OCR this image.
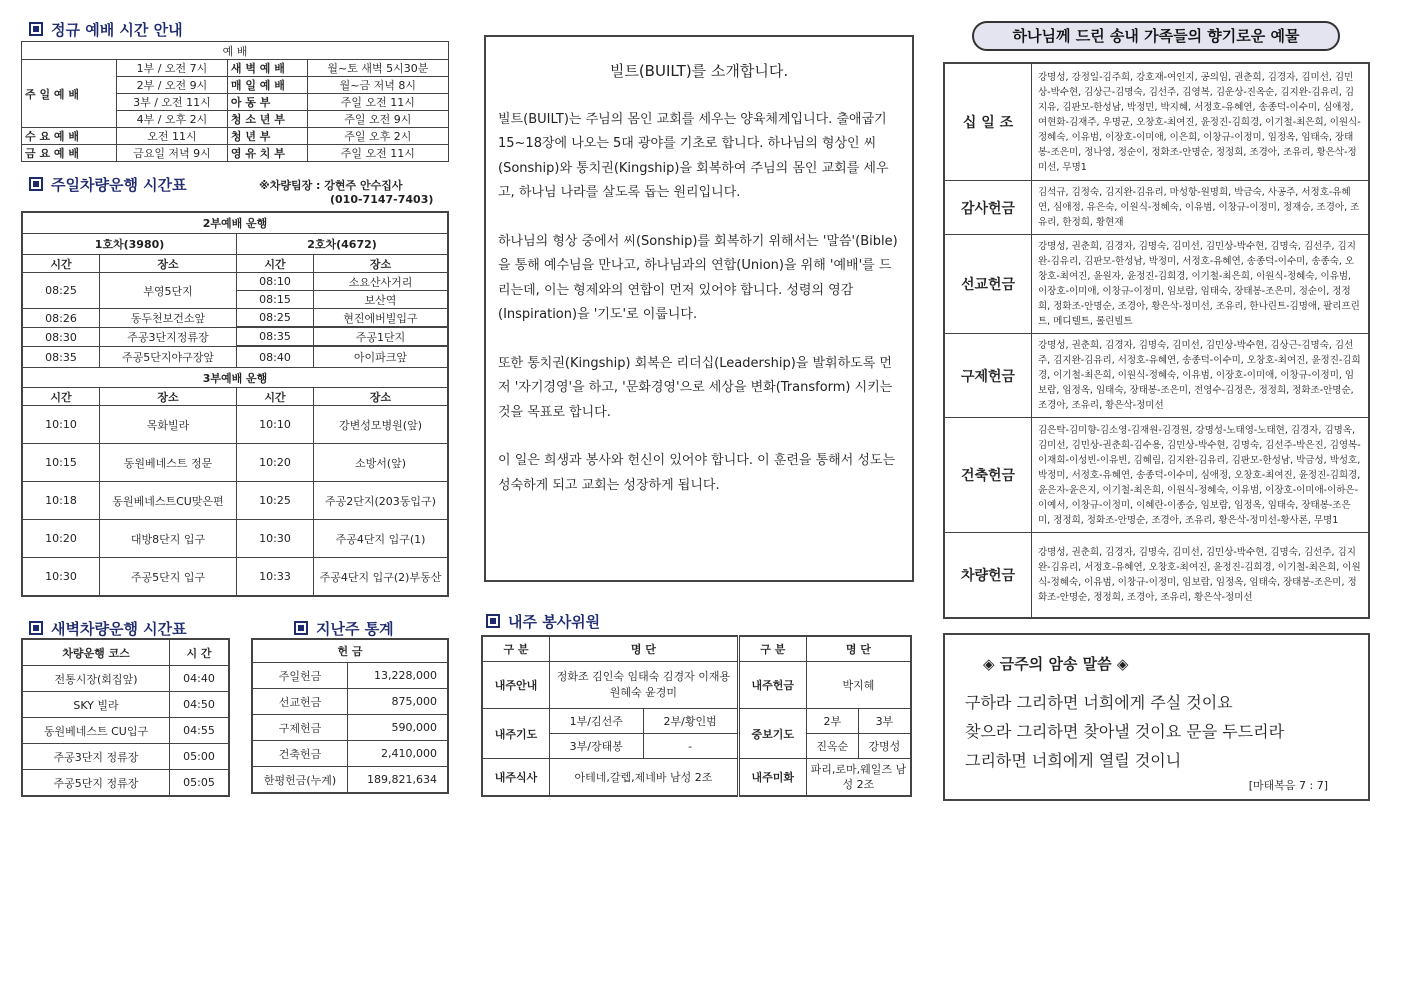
정규 예배 시간 안내
예 배			
주 일 예 배	1부 / 오전 7시	새 벽 예 배	월~토 새벽 5시30분
	2부 / 오전 9시	매 일 예 배	월~금 저녁 8시
	3부 / 오전 11시	아 동 부	주일 오전 11시
	4부 / 오후 2시	청 소 년 부	주일 오전 9시
수 요 예 배	오전 11시	청 년 부	주일 오후 2시
금 요 예 배	금요일 저녁 9시	영 유 치 부	주일 오전 11시
주일차량운행 시간표	※차량팀장 : 강현주 안수집사
(010-7147-7403)
2부예배 운행			
1호차(3980)		2호차(4672)	
시간	장소	시간	장소
08:25	부영5단지	08:10	소요산사거리
		08:15	보산역
08:26	동두천보건소앞	08:25	현진에버빌입구

08:30	주공3단지정류장	08:35	주공1단지

08:35	주공5단지야구장앞	08:40	아이파크앞
3부예배 운행			
시간	장소	시간	장소
10:10	목화빌라	10:10	강변성모병원(앞)
10:15	동원베네스트 정문	10:20	소방서(앞)
10:18	동원베네스트CU맞은편	10:25	주공2단지(203동입구)
10:20	대방8단지 입구	10:30	주공4단지 입구(1)
10:30	주공5단지 입구	10:33	주공4단지 입구(2)부동산
새벽차량운행 시간표
차량운행 코스	시 간
전통시장(회집앞)	04:40
SKY 빌라	04:50
동원베네스트 CU입구	04:55
주공3단지 정류장	05:00
주공5단지 정류장	05:05
지난주 통계
헌 금	
주일헌금	13,228,000
선교헌금	875,000
구제헌금	590,000
건축헌금	2,410,000
한평헌금(누계)	189,821,634
빌트(BUILT)를 소개합니다.

빌트(BUILT)는 주님의 몸인 교회를 세우는 양육체계입니다. 출애굽기 15~18장에 나오는 5대 광야를 기초로 합니다. 하나님의 형상인 씨(Sonship)와 통치권(Kingship)을 회복하여 주님의 몸인 교회를 세우고, 하나님 나라를 살도록 돕는 원리입니다.

하나님의 형상 중에서 씨(Sonship)를 회복하기 위해서는 '말씀'(Bible)을 통해 예수님을 만나고, 하나님과의 연합(Union)을 위해 '예배'를 드리는데, 이는 형제와의 연합이 먼저 있어야 합니다. 성령의 영감(Inspiration)을 '기도'로 이룹니다.

또한 통치권(Kingship) 회복은 리더십(Leadership)을 발휘하도록 먼저 '자기경영'을 하고, '문화경영'으로 세상을 변화(Transform) 시키는 것을 목표로 합니다.

이 일은 희생과 봉사와 헌신이 있어야 합니다. 이 훈련을 통해서 성도는 성숙하게 되고 교회는 성장하게 됩니다.

내주 봉사위원
구 분	명 단		구 분	명 단	
내주안내	정화조 김인숙 임태숙 김경자 이재용 원혜숙 윤경미		내주헌금	박지혜	
내주기도	1부/김선주	2부/황인범	중보기도	2부	3부
	3부/장태봉	-		진옥순	강명성
내주식사	아테네,갈렙,제네바 남성 2조		내주미화	파리,로마,웨일즈 남성 2조	
하나님께 드린 송내 가족들의 향기로운 예물
십 일 조	강명성, 강정일-김주희, 강호재-여인지, 공의임, 권춘희, 김경자, 김미선, 김민상-박수현, 김상근-김명숙, 김선주, 김영복, 김운상-진옥순, 김지완-김유리, 김지유, 김판모-한성남, 박정민, 박지혜, 서정호-유혜연, 송종덕-이수미, 심애정, 여현화-김재주, 우명균, 오창호-최여진, 윤정진-김희경, 이기철-최은희, 이원식-정혜숙, 이유범, 이장호-이미애, 이은희, 이창규-이정미, 임정옥, 임태숙, 장태봉-조은미, 정나영, 정순이, 정화조-안명순, 정정희, 조경아, 조유리, 황은삭-정미선, 무명1
감사헌금	김석규, 김정숙, 김지완-김유리, 마성항-원명희, 박금숙, 사공주, 서정호-유혜연, 심애정, 유은숙, 이원식-정혜숙, 이유범, 이창규-이정미, 정재승, 조경아, 조유리, 한정희, 황현재
선교헌금	강명성, 권춘희, 김경자, 김명숙, 김미선, 김민상-박수현, 김명숙, 김선주, 김지완-김유리, 김판모-한성남, 박정미, 서정호-유혜연, 송종덕-이수미, 송종숙, 오창호-최여진, 윤원자, 윤정진-김희경, 이기철-최은희, 이원식-정혜숙, 이유범, 이장호-이미애, 이창규-이정미, 임보람, 임태숙, 장태봉-조은미, 정순이, 정정희, 정화조-안명순, 조경아, 황은삭-정미선, 조유리, 한나린트-김명애, 팔리프린트, 메디텔트, 롤린빌트
구제헌금	강명성, 권춘희, 김경자, 김명숙, 김미선, 김민상-박수현, 김상근-김명숙, 김선주, 김지완-김유리, 서정호-유혜연, 송종덕-이수미, 오창호-최여진, 윤정진-김희경, 이기철-최은희, 이원식-정혜숙, 이유범, 이장호-이미애, 이창규-이정미, 임보람, 임정옥, 임태숙, 장태봉-조은미, 전영수-김정은, 정정희, 정화조-안명순, 조경아, 조유리, 황은삭-정미선
건축헌금	김은탁-김미향-김소영-김재원-김경원, 강명성-노태영-노태현, 김경자, 김명옥, 김미선, 김민상-권춘희-김수용, 김민상-박수현, 김명숙, 김선주-박은진, 김영복-이재희-이성빈-이유빈, 김혜림, 김지완-김유리, 김판모-한성남, 박금성, 박성호, 박정미, 서정호-유혜연, 송종덕-이수미, 심애정, 오창호-최여진, 윤정진-김희경, 윤은자-윤은지, 이기철-최은희, 이원식-정혜숙, 이유범, 이장호-이미애-이하은-이예서, 이창규-이정미, 이혜란-이종승, 임보람, 임정옥, 임태숙, 장태봉-조은미, 정정희, 정화조-안명순, 조경아, 조유리, 황은삭-정미선-황사론, 무명1
차량헌금	강명성, 권춘희, 김경자, 김명숙, 김미선, 김민상-박수현, 김명숙, 김선주, 김지완-김유리, 서정호-유혜연, 오창호-최여진, 윤정진-김희경, 이기철-최은희, 이원식-정혜숙, 이유범, 이창규-이정미, 임보람, 임정옥, 임태숙, 장태봉-조은미, 정화조-안명순, 정정희, 조경아, 조유리, 황은삭-정미선
◈ 금주의 암송 말씀 ◈
구하라 그리하면 너희에게 주실 것이요
찾으라 그리하면 찾아낼 것이요 문을 두드리라
그리하면 너희에게 열릴 것이니
[마태복음 7 : 7]
